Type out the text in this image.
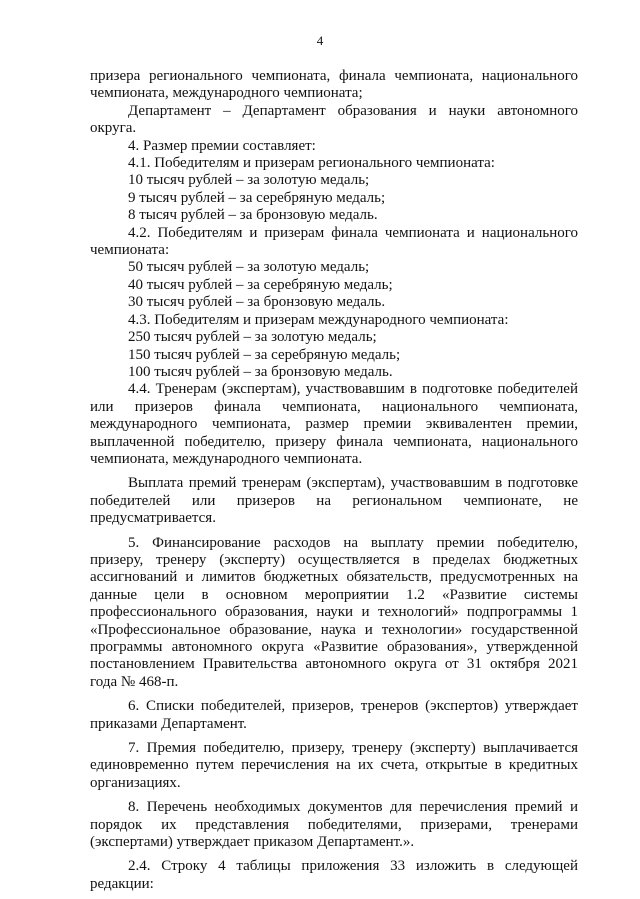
4

призера регионального чемпионата, финала чемпионата, национального чемпионата, международного чемпионата;

Департамент – Департамент образования и науки автономного округа.

4. Размер премии составляет:

4.1. Победителям и призерам регионального чемпионата:

10 тысяч рублей – за золотую медаль;

9 тысяч рублей – за серебряную медаль;

8 тысяч рублей – за бронзовую медаль.

4.2. Победителям и призерам финала чемпионата и национального чемпионата:

50 тысяч рублей – за золотую медаль;

40 тысяч рублей – за серебряную медаль;

30 тысяч рублей – за бронзовую медаль.

4.3. Победителям и призерам международного чемпионата:

250 тысяч рублей – за золотую медаль;

150 тысяч рублей – за серебряную медаль;

100 тысяч рублей – за бронзовую медаль.

4.4. Тренерам (экспертам), участвовавшим в подготовке победителей или призеров финала чемпионата, национального чемпионата, международного чемпионата, размер премии эквивалентен премии, выплаченной победителю, призеру финала чемпионата, национального чемпионата, международного чемпионата.

Выплата премий тренерам (экспертам), участвовавшим в подготовке победителей или призеров на региональном чемпионате, не предусматривается.

5. Финансирование расходов на выплату премии победителю, призеру, тренеру (эксперту) осуществляется в пределах бюджетных ассигнований и лимитов бюджетных обязательств, предусмотренных на данные цели в основном мероприятии 1.2 «Развитие системы профессионального образования, науки и технологий» подпрограммы 1 «Профессиональное образование, наука и технологии» государственной программы автономного округа «Развитие образования», утвержденной постановлением Правительства автономного округа от 31 октября 2021 года № 468-п.

6. Списки победителей, призеров, тренеров (экспертов) утверждает приказами Департамент.

7. Премия победителю, призеру, тренеру (эксперту) выплачивается единовременно путем перечисления на их счета, открытые в кредитных организациях.

8. Перечень необходимых документов для перечисления премий и порядок их представления победителями, призерами, тренерами (экспертами) утверждает приказом Департамент.».

2.4. Строку 4 таблицы приложения 33 изложить в следующей редакции:
